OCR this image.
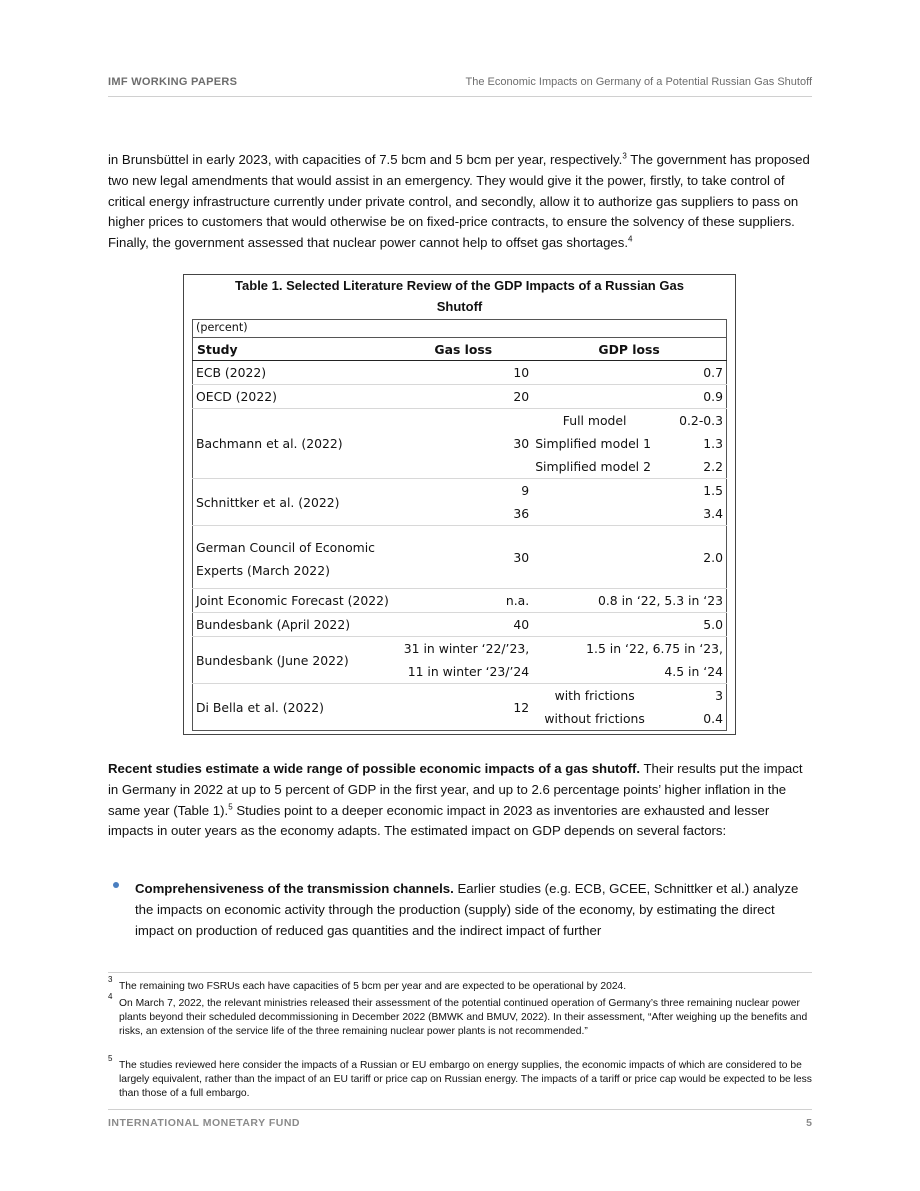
IMF WORKING PAPERS	The Economic Impacts on Germany of a Potential Russian Gas Shutoff

in Brunsbüttel in early 2023, with capacities of 7.5 bcm and 5 bcm per year, respectively.$^3$ The government has proposed two new legal amendments that would assist in an emergency. They would give it the power, firstly, to take control of critical energy infrastructure currently under private control, and secondly, allow it to authorize gas suppliers to pass on higher prices to customers that would otherwise be on fixed-price contracts, to ensure the solvency of these suppliers. Finally, the government assessed that nuclear power cannot help to offset gas shortages.$^4$

Table 1. Selected Literature Review of the GDP Impacts of a Russian Gas
Shutoff
(percent)
Study	Gas loss	GDP loss	
ECB (2022)	10		0.7
OECD (2022)	20		0.9
Bachmann et al. (2022)	30	Full model	0.2-0.3
		Simplified model 1	1.3
		Simplified model 2	2.2
Schnittker et al. (2022)	9		1.5
	36		3.4

German Council of Economic
Experts (March 2022)	30		2.0
Joint Economic Forecast (2022)	n.a.	0.8 in ‘22, 5.3 in ‘23	
Bundesbank (April 2022)	40		5.0
Bundesbank (June 2022)	31 in winter ‘22/’23,	1.5 in ‘22, 6.75 in ‘23,	
	11 in winter ‘23/’24	4.5 in ‘24	
Di Bella et al. (2022)	12	with frictions	3
		without frictions	0.4

Recent studies estimate a wide range of possible economic impacts of a gas shutoff. Their results put the impact in Germany in 2022 at up to 5 percent of GDP in the first year, and up to 2.6 percentage points’ higher inflation in the same year (Table 1).$^5$ Studies point to a deeper economic impact in 2023 as inventories are exhausted and lesser impacts in outer years as the economy adapts. The estimated impact on GDP depends on several factors:

Comprehensiveness of the transmission channels. Earlier studies (e.g. ECB, GCEE, Schnittker et al.) analyze the impacts on economic activity through the production (supply) side of the economy, by estimating the direct impact on production of reduced gas quantities and the indirect impact of further

3
The remaining two FSRUs each have capacities of 5 bcm per year and are expected to be operational by 2024.
4
On March 7, 2022, the relevant ministries released their assessment of the potential continued operation of Germany’s three remaining nuclear power plants beyond their scheduled decommissioning in December 2022 (BMWK and BMUV, 2022). In their assessment, “After weighing up the benefits and risks, an extension of the service life of the three remaining nuclear power plants is not recommended.”
5
The studies reviewed here consider the impacts of a Russian or EU embargo on energy supplies, the economic impacts of which are considered to be largely equivalent, rather than the impact of an EU tariff or price cap on Russian energy. The impacts of a tariff or price cap would be expected to be less than those of a full embargo.
INTERNATIONAL MONETARY FUND	5
